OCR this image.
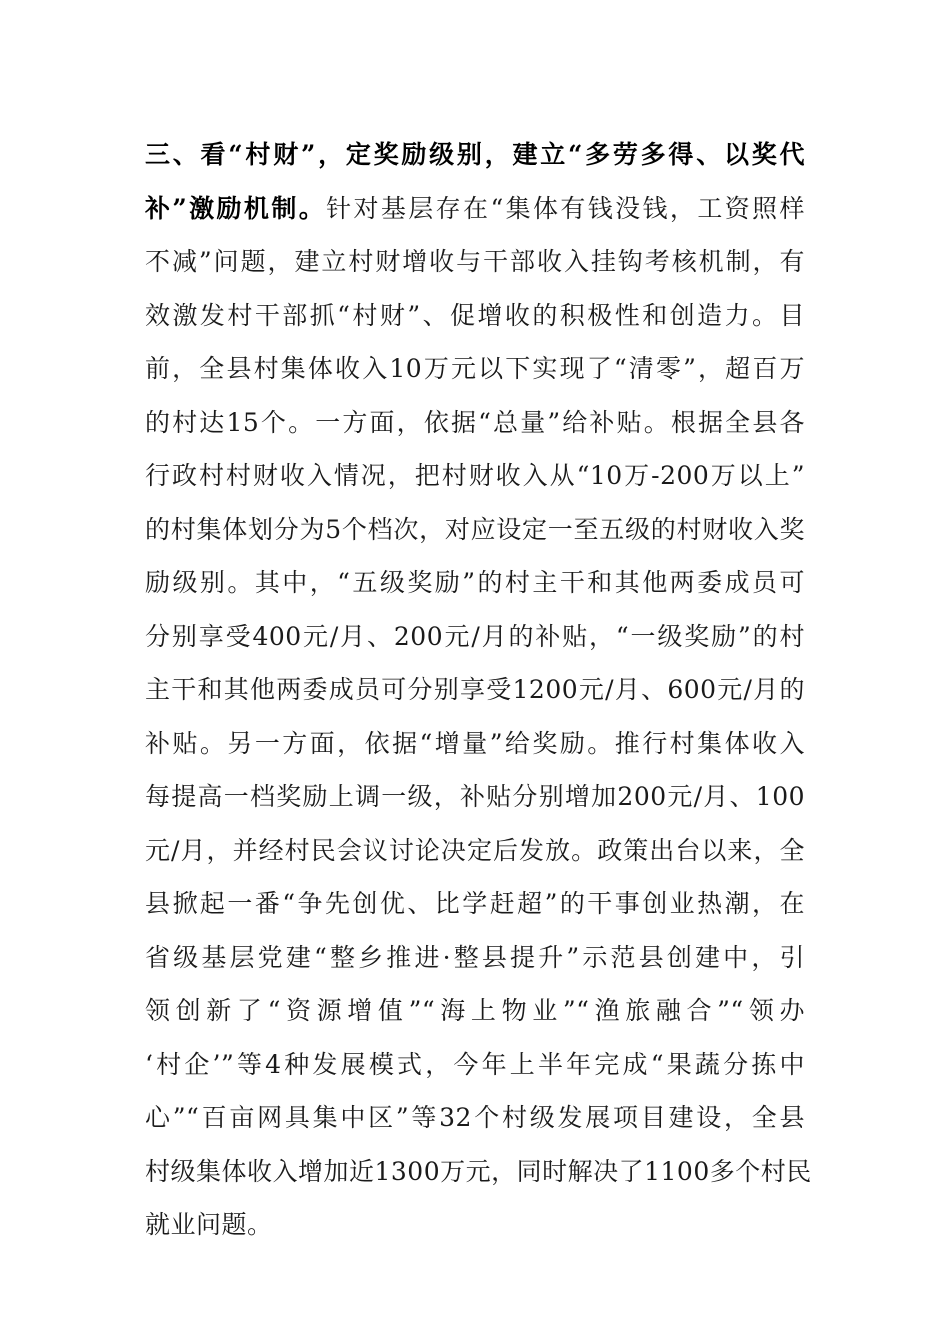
三、看“村财”，定奖励级别，建立“多劳多得、以奖代
补”激励机制。针对基层存在“集体有钱没钱，工资照样
不减”问题，建立村财增收与干部收入挂钩考核机制，有
效激发村干部抓“村财”、促增收的积极性和创造力。目
前，全县村集体收入10万元以下实现了“清零”，超百万
的村达15个。一方面，依据“总量”给补贴。根据全县各
行政村村财收入情况，把村财收入从“10万-200万以上”
的村集体划分为5个档次，对应设定一至五级的村财收入奖
励级别。其中，“五级奖励”的村主干和其他两委成员可
分别享受400元/月、200元/月的补贴，“一级奖励”的村
主干和其他两委成员可分别享受1200元/月、600元/月的
补贴。另一方面，依据“增量”给奖励。推行村集体收入
每提高一档奖励上调一级，补贴分别增加200元/月、100
元/月，并经村民会议讨论决定后发放。政策出台以来，全
县掀起一番“争先创优、比学赶超”的干事创业热潮，在
省级基层党建“整乡推进·整县提升”示范县创建中，引
领创新了“资源增值”“海上物业”“渔旅融合”“领办
‘村企’”等4种发展模式，今年上半年完成“果蔬分拣中
心”“百亩网具集中区”等32个村级发展项目建设，全县
村级集体收入增加近1300万元，同时解决了1100多个村民
就业问题。
